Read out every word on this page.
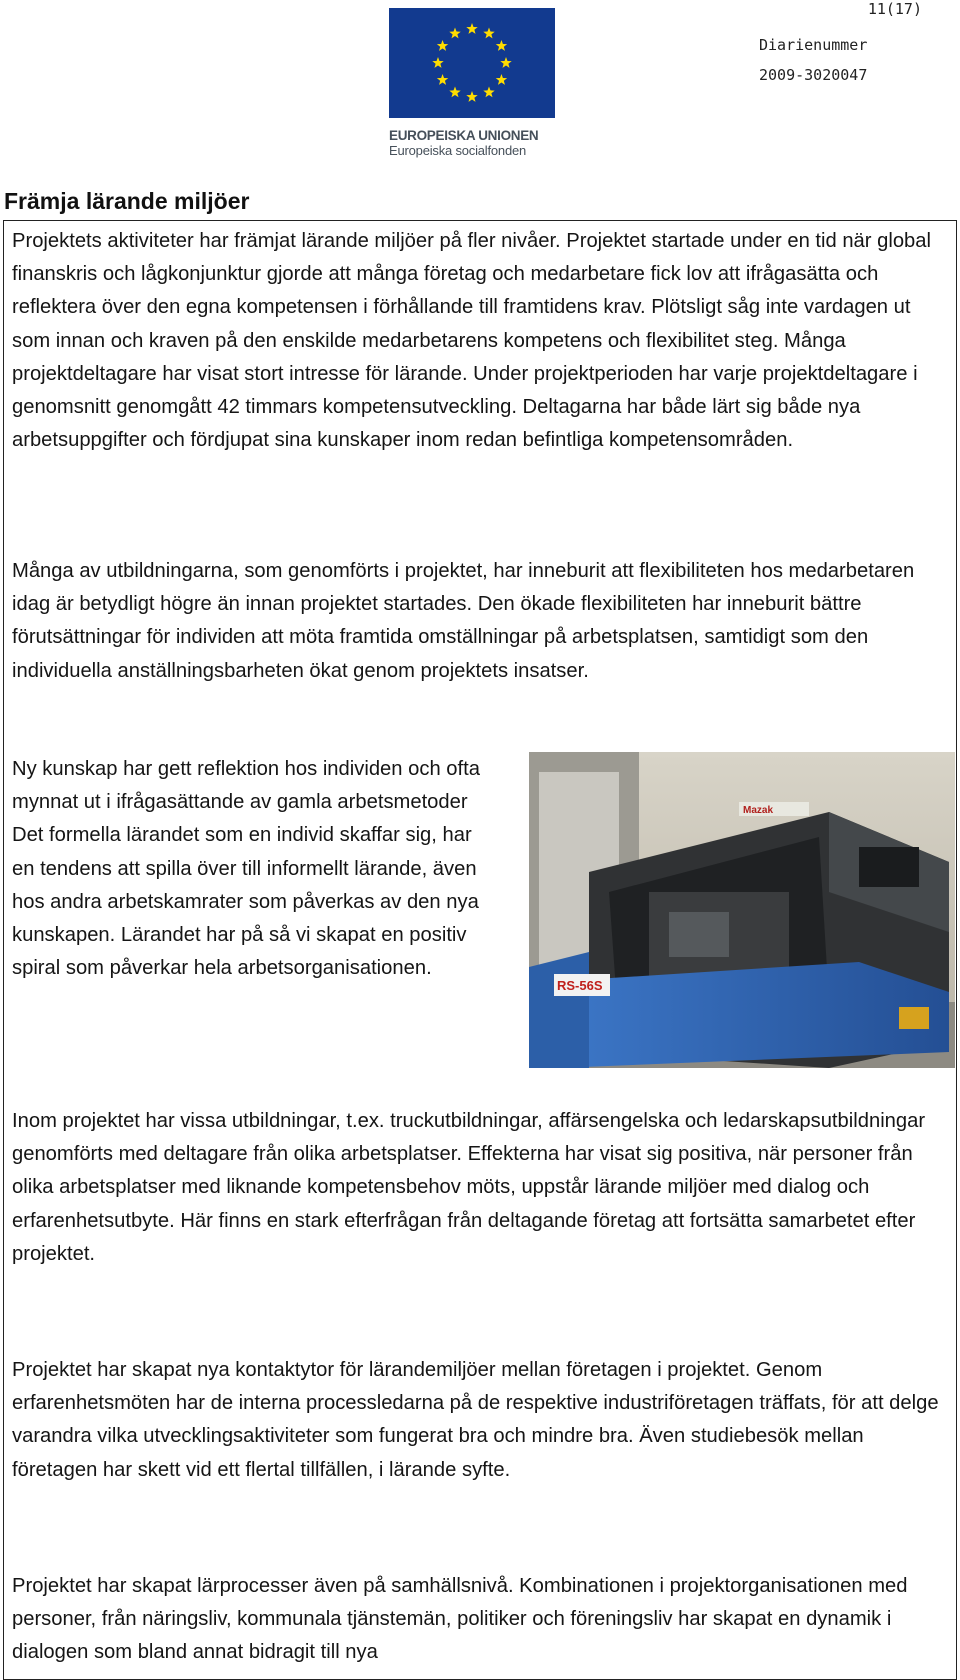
11(17)
Diarienummer
2009-3020047
EUROPEISKA UNIONEN
Europeiska socialfonden
Främja lärande miljöer

Projektets aktiviteter har främjat lärande miljöer på fler nivåer. Projektet startade under en tid när global finanskris och lågkonjunktur gjorde att många företag och medarbetare fick lov att ifrågasätta och reflektera över den egna kompetensen i förhållande till framtidens krav. Plötsligt såg inte vardagen ut som innan och kraven på den enskilde medarbetarens kompetens och flexibilitet steg. Många projektdeltagare har visat stort intresse för lärande. Under projektperioden har varje projektdeltagare i genomsnitt genomgått 42 timmars kompetensutveckling. Deltagarna har både lärt sig både nya arbetsuppgifter och fördjupat sina kunskaper inom redan befintliga kompetensområden.

Många av utbildningarna, som genomförts i projektet, har inneburit att flexibiliteten hos medarbetaren idag är betydligt högre än innan projektet startades. Den ökade flexibiliteten har inneburit bättre förutsättningar för individen att möta framtida omställningar på arbetsplatsen, samtidigt som den individuella anställningsbarheten ökat genom projektets insatser.

Ny kunskap har gett reflektion hos individen och ofta mynnat ut i ifrågasättande av gamla arbetsmetoder Det formella lärandet som en individ skaffar sig, har en tendens att spilla över till informellt lärande, även hos andra arbetskamrater som påverkas av den nya kunskapen. Lärandet har på så vi skapat en positiv spiral som påverkar hela arbetsorganisationen.

RS-56S
Mazak

Inom projektet har vissa utbildningar, t.ex. truckutbildningar, affärsengelska och ledarskapsutbildningar genomförts med deltagare från olika arbetsplatser. Effekterna har visat sig positiva, när personer från olika arbetsplatser med liknande kompetensbehov möts, uppstår lärande miljöer med dialog och erfarenhetsutbyte. Här finns en stark efterfrågan från deltagande företag att fortsätta samarbetet efter projektet.

Projektet har skapat nya kontaktytor för lärandemiljöer mellan företagen i projektet. Genom erfarenhetsmöten har de interna processledarna på de respektive industriföretagen träffats, för att delge varandra vilka utvecklingsaktiviteter som fungerat bra och mindre bra. Även studiebesök mellan företagen har skett vid ett flertal tillfällen, i lärande syfte.

Projektet har skapat lärprocesser även på samhällsnivå. Kombinationen i projektorganisationen med personer, från näringsliv, kommunala tjänstemän, politiker och föreningsliv har skapat en dynamik i dialogen som bland annat bidragit till nya
